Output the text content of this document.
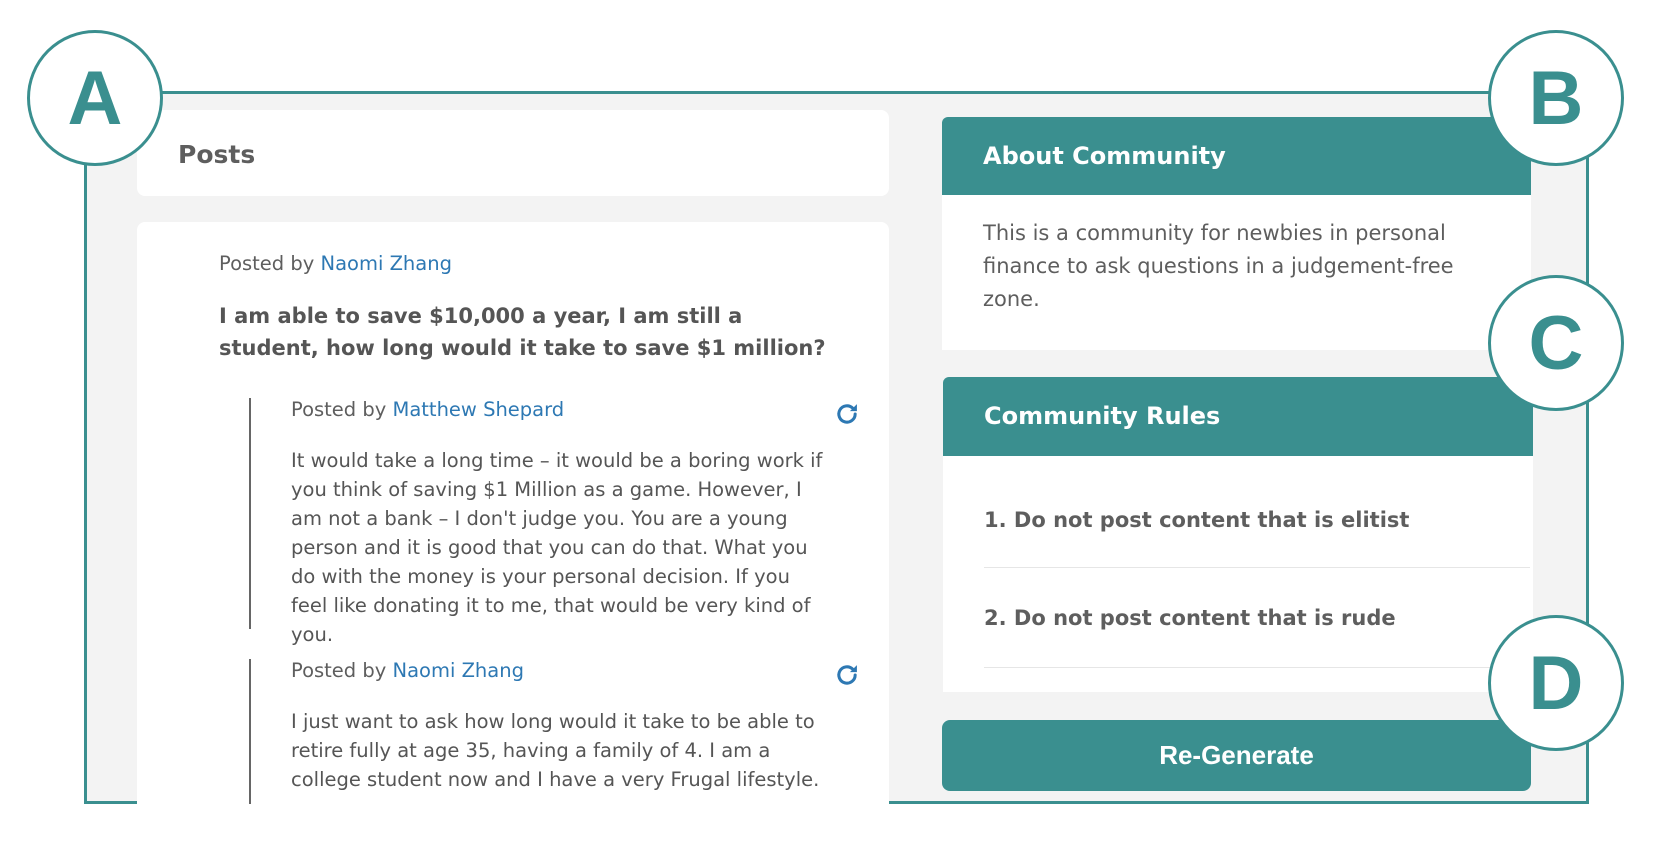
Posts
Posted by Naomi Zhang
I am able to save $10,000 a year, I am still a student, how long would it take to save $1 million?
Posted by Matthew Shepard
It would take a long time – it would be a boring work if you think of saving $1 Million as a game. However, I am not a bank – I don't judge you. You are a young person and it is good that you can do that. What you do with the money is your personal decision. If you feel like donating it to me, that would be very kind of you.
Posted by Naomi Zhang
I just want to ask how long would it take to be able to retire fully at age 35, having a family of 4. I am a college student now and I have a very Frugal lifestyle.
About Community
This is a community for newbies in personal finance to ask questions in a judgement-free zone.
Community Rules
1. Do not post content that is elitist
2. Do not post content that is rude
Re-Generate
A	B
C
D
